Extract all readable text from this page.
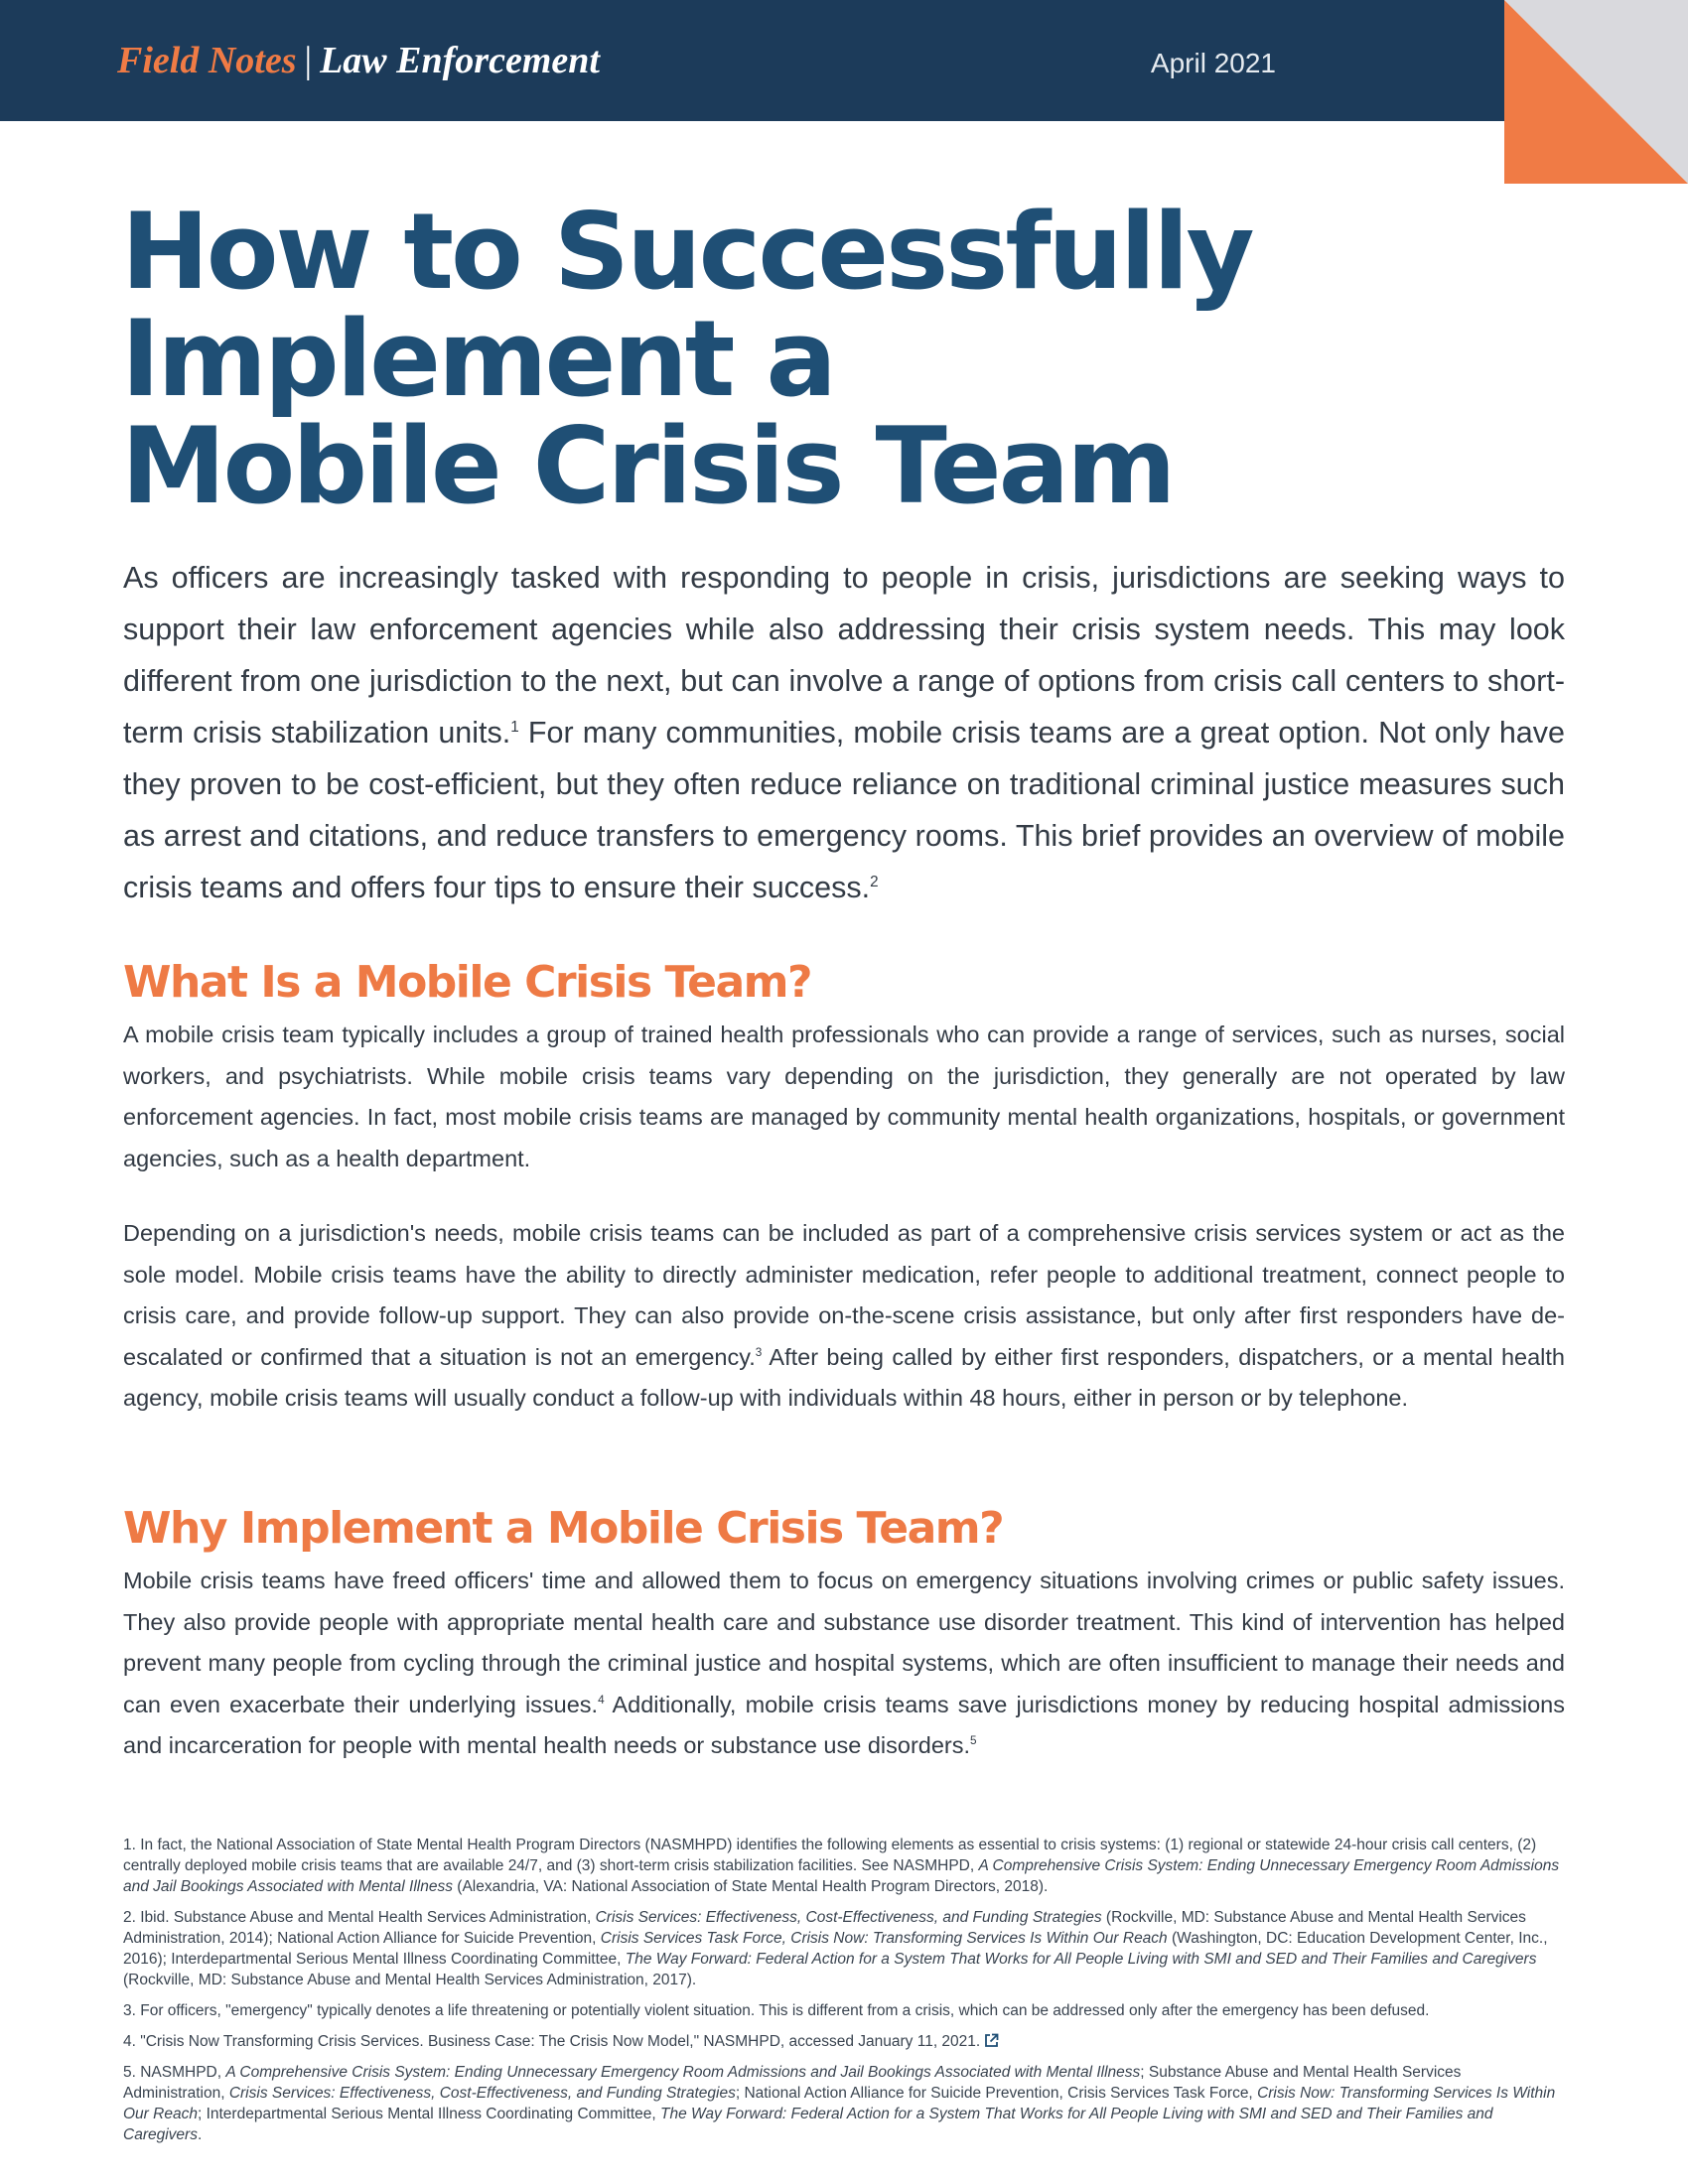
Field Notes | Law Enforcement	April 2021
How to Successfully
Implement a
Mobile Crisis Team

As officers are increasingly tasked with responding to people in crisis, jurisdictions are seeking ways to support their law enforcement agencies while also addressing their crisis system needs. This may look different from one jurisdiction to the next, but can involve a range of options from crisis call centers to short-term crisis stabilization units.$^1$ For many communities, mobile crisis teams are a great option. Not only have they proven to be cost-efficient, but they often reduce reliance on traditional criminal justice measures such as arrest and citations, and reduce transfers to emergency rooms. This brief provides an overview of mobile crisis teams and offers four tips to ensure their success.$^2$

What Is a Mobile Crisis Team?

A mobile crisis team typically includes a group of trained health professionals who can provide a range of services, such as nurses, social workers, and psychiatrists. While mobile crisis teams vary depending on the jurisdiction, they generally are not operated by law enforcement agencies. In fact, most mobile crisis teams are managed by community mental health organizations, hospitals, or government agencies, such as a health department.

Depending on a jurisdiction's needs, mobile crisis teams can be included as part of a comprehensive crisis services system or act as the sole model. Mobile crisis teams have the ability to directly administer medication, refer people to additional treatment, connect people to crisis care, and provide follow-up support. They can also provide on-the-scene crisis assistance, but only after first responders have de-escalated or confirmed that a situation is not an emergency.$^3$ After being called by either first responders, dispatchers, or a mental health agency, mobile crisis teams will usually conduct a follow-up with individuals within 48 hours, either in person or by telephone.

Why Implement a Mobile Crisis Team?

Mobile crisis teams have freed officers' time and allowed them to focus on emergency situations involving crimes or public safety issues. They also provide people with appropriate mental health care and substance use disorder treatment. This kind of intervention has helped prevent many people from cycling through the criminal justice and hospital systems, which are often insufficient to manage their needs and can even exacerbate their underlying issues.$^4$ Additionally, mobile crisis teams save jurisdictions money by reducing hospital admissions and incarceration for people with mental health needs or substance use disorders.$^5$

1. In fact, the National Association of State Mental Health Program Directors (NASMHPD) identifies the following elements as essential to crisis systems: (1) regional or statewide 24-hour crisis call centers, (2) centrally deployed mobile crisis teams that are available 24/7, and (3) short-term crisis stabilization facilities. See NASMHPD, A Comprehensive Crisis System: Ending Unnecessary Emergency Room Admissions and Jail Bookings Associated with Mental Illness (Alexandria, VA: National Association of State Mental Health Program Directors, 2018).

2. Ibid. Substance Abuse and Mental Health Services Administration, Crisis Services: Effectiveness, Cost-Effectiveness, and Funding Strategies (Rockville, MD: Substance Abuse and Mental Health Services Administration, 2014); National Action Alliance for Suicide Prevention, Crisis Services Task Force, Crisis Now: Transforming Services Is Within Our Reach (Washington, DC: Education Development Center, Inc., 2016); Interdepartmental Serious Mental Illness Coordinating Committee, The Way Forward: Federal Action for a System That Works for All People Living with SMI and SED and Their Families and Caregivers (Rockville, MD: Substance Abuse and Mental Health Services Administration, 2017).

3. For officers, "emergency" typically denotes a life threatening or potentially violent situation. This is different from a crisis, which can be addressed only after the emergency has been defused.

4. "Crisis Now Transforming Crisis Services. Business Case: The Crisis Now Model," NASMHPD, accessed January 11, 2021.

5. NASMHPD, A Comprehensive Crisis System: Ending Unnecessary Emergency Room Admissions and Jail Bookings Associated with Mental Illness; Substance Abuse and Mental Health Services Administration, Crisis Services: Effectiveness, Cost-Effectiveness, and Funding Strategies; National Action Alliance for Suicide Prevention, Crisis Services Task Force, Crisis Now: Transforming Services Is Within Our Reach; Interdepartmental Serious Mental Illness Coordinating Committee, The Way Forward: Federal Action for a System That Works for All People Living with SMI and SED and Their Families and Caregivers.
